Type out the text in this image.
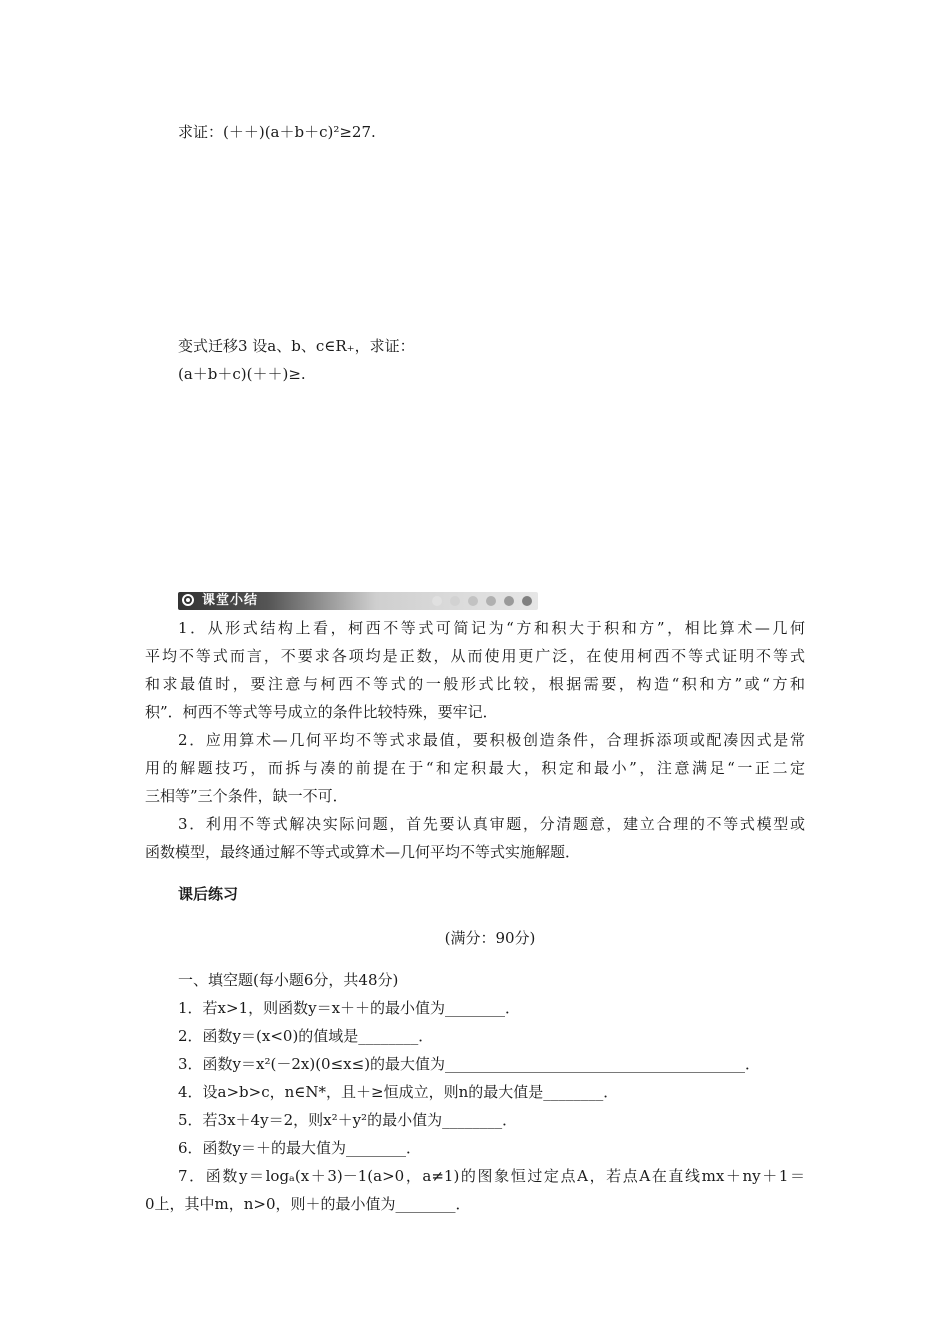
求证：(＋＋)(a＋b＋c)²≥27.
变式迁移3 设a、b、c∈R₊，求证：
(a＋b＋c)(＋＋)≥.
课堂小结
1．从形式结构上看，柯西不等式可简记为“方和积大于积和方”，相比算术—几何
平均不等式而言，不要求各项均是正数，从而使用更广泛，在使用柯西不等式证明不等式
和求最值时，要注意与柯西不等式的一般形式比较，根据需要，构造“积和方”或“方和
积”．柯西不等式等号成立的条件比较特殊，要牢记．
2．应用算术—几何平均不等式求最值，要积极创造条件，合理拆添项或配凑因式是常
用的解题技巧，而拆与凑的前提在于“和定积最大，积定和最小”，注意满足“一正二定
三相等”三个条件，缺一不可．
3．利用不等式解决实际问题，首先要认真审题，分清题意，建立合理的不等式模型或
函数模型，最终通过解不等式或算术—几何平均不等式实施解题．
课后练习
(满分：90分)
一、填空题(每小题6分，共48分)
1．若x>1，则函数y＝x＋＋的最小值为________．
2．函数y＝(x<0)的值域是________．
3．函数y＝x²(－2x)(0≤x≤)的最大值为________________________________________．
4．设a>b>c，n∈N*，且＋≥恒成立，则n的最大值是________．
5．若3x＋4y＝2，则x²＋y²的最小值为________．
6．函数y＝＋的最大值为________．
7．函数y＝logₐ(x＋3)－1(a>0，a≠1)的图象恒过定点A，若点A在直线mx＋ny＋1＝
0上，其中m，n>0，则＋的最小值为________．
